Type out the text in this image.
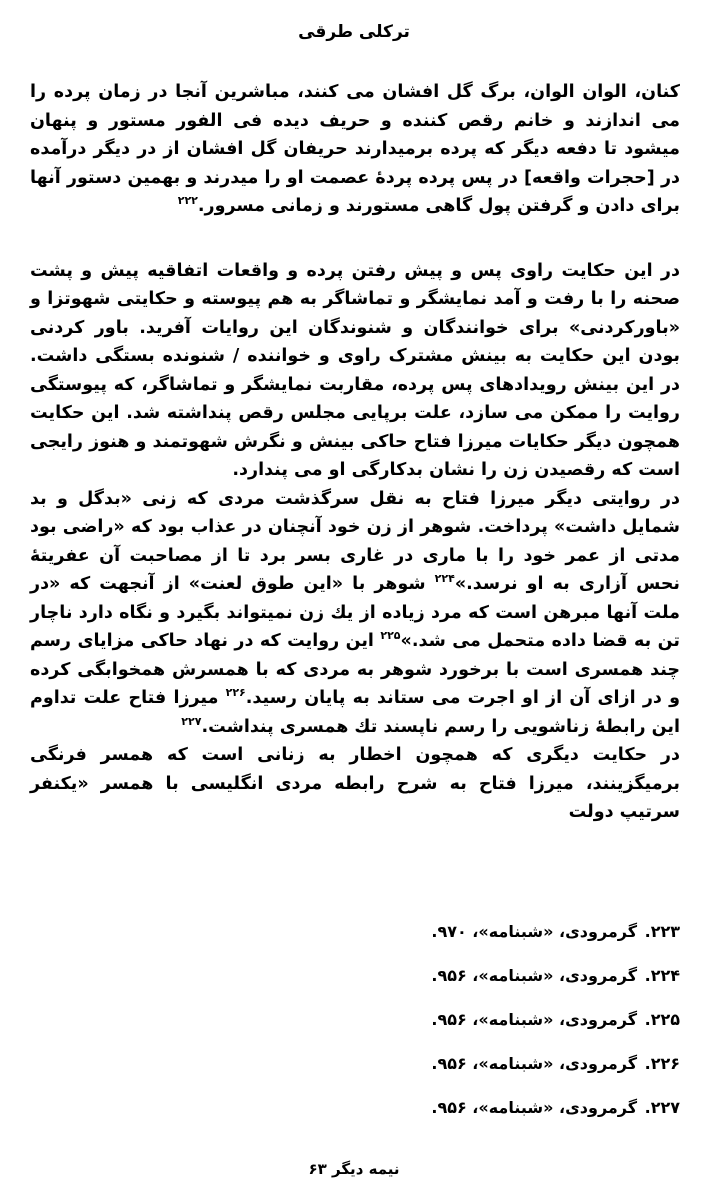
ترکلی طرقی

کنان، الوان الوان، برگ گل افشان می کنند، مباشرین آنجا در زمان پرده را می اندازند و خانم رقص کننده و حریف دیده فی الفور مستور و پنهان میشود تا دفعه دیگر که پرده برمیدارند حریفان گل افشان از در دیگر درآمده در [حجرات واقعه] در پس پرده پردهٔ عصمت او را میدرند و بهمین دستور آنها برای دادن و گرفتن پول گاهی مستورند و زمانی مسرور.$^{۲۲۲}$

در این حکایت راوی پس و پیش رفتن پرده و واقعات اتفاقیه پیش و پشت صحنه را با رفت و آمد نمایشگر و تماشاگر به هم پیوسته و حکایتی شهوتزا و «باورکردنی» برای خوانندگان و شنوندگان این روایات آفرید. باور کردنی بودن این حکایت به بینش مشترک راوی و خواننده / شنونده بستگی داشت. در این بینش رویدادهای پس پرده، مقاربت نمایشگر و تماشاگر، که پیوستگی روایت را ممکن می سازد، علت برپایی مجلس رقص پنداشته شد. این حکایت همچون دیگر حکایات میرزا فتاح حاکی بینش و نگرش شهوتمند و هنوز رایجی است که رقصیدن زن را نشان بدکارگی او می پندارد.

در روایتی دیگر میرزا فتاح به نقل سرگذشت مردی که زنی «بدگل و بد شمایل داشت» پرداخت. شوهر از زن خود آنچنان در عذاب بود که «راضی بود مدتی از عمر خود را با ماری در غاری بسر برد تا از مصاحبت آن عفریتهٔ نحس آزاری به او نرسد.»$^{۲۲۴}$ شوهر با «این طوق لعنت» از آنجهت که «در ملت آنها مبرهن است که مرد زیاده از یك زن نمیتواند بگیرد و نگاه دارد ناچار تن به قضا داده متحمل می شد.»$^{۲۲۵}$ این روایت که در نهاد حاکی مزایای رسم چند همسری است با برخورد شوهر به مردی که با همسرش همخوابگی کرده و در ازای آن از او اجرت می ستاند به پایان رسید.$^{۲۲۶}$ میرزا فتاح علت تداوم این رابطهٔ زناشویی را رسم ناپسند تك همسری پنداشت.$^{۲۲۷}$

در حکایت دیگری که همچون اخطار به زنانی است که همسر فرنگی برمیگزینند، میرزا فتاح به شرح رابطه مردی انگلیسی با همسر «یکنفر سرتیپ دولت

۲۲۳. گرمرودی، «شبنامه»، ۹۷۰.
۲۲۴. گرمرودی، «شبنامه»، ۹۵۶.
۲۲۵. گرمرودی، «شبنامه»، ۹۵۶.
۲۲۶. گرمرودی، «شبنامه»، ۹۵۶.
۲۲۷. گرمرودی، «شبنامه»، ۹۵۶.
نیمه دیگر ۶۳
